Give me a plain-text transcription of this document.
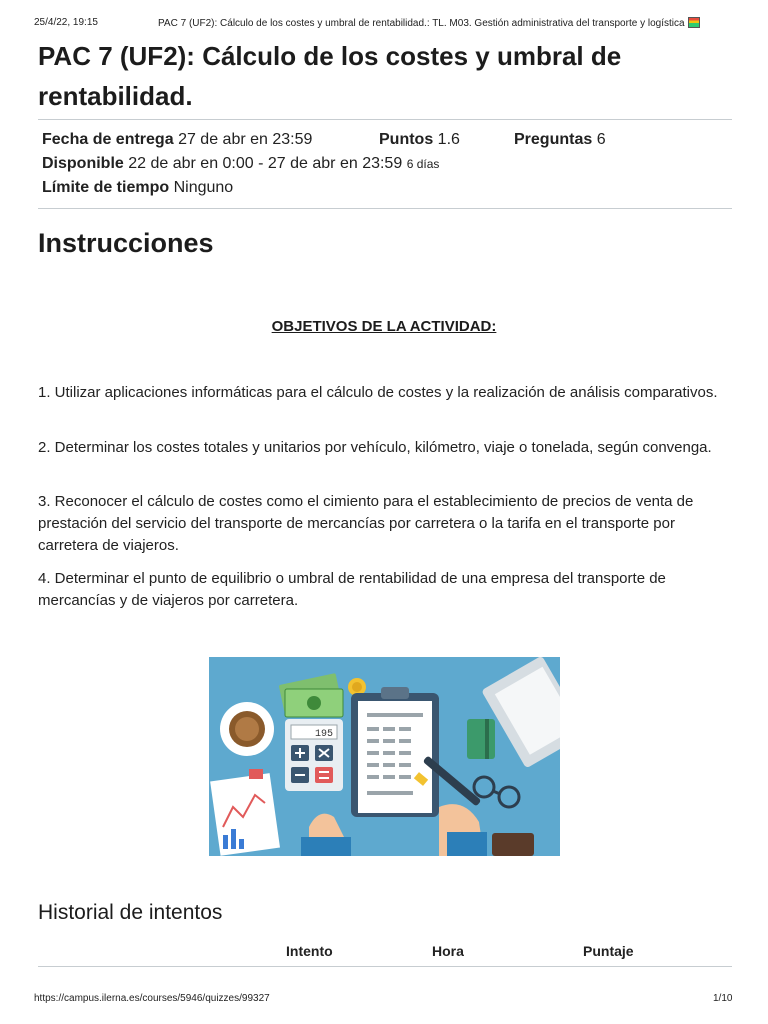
25/4/22, 19:15	PAC 7 (UF2): Cálculo de los costes y umbral de rentabilidad.: TL. M03. Gestión administrativa del transporte y logística
PAC 7 (UF2): Cálculo de los costes y umbral de rentabilidad.
Fecha de entrega 27 de abr en 23:59	Puntos 1.6	Preguntas 6
Disponible 22 de abr en 0:00 - 27 de abr en 23:59 6 días
Límite de tiempo Ninguno
Instrucciones
OBJETIVOS DE LA ACTIVIDAD:

1. Utilizar aplicaciones informáticas para el cálculo de costes y la realización de análisis comparativos.

2. Determinar los costes totales y unitarios por vehículo, kilómetro, viaje o tonelada, según convenga.

3. Reconocer el cálculo de costes como el cimiento para el establecimiento de precios de venta de prestación del servicio del transporte de mercancías por carretera o la tarifa en el transporte por carretera de viajeros.

4. Determinar el punto de equilibrio o umbral de rentabilidad de una empresa del transporte de mercancías y de viajeros por carretera.

195
Historial de intentos
Intento	Hora	Puntaje
https://campus.ilerna.es/courses/5946/quizzes/99327	1/10
